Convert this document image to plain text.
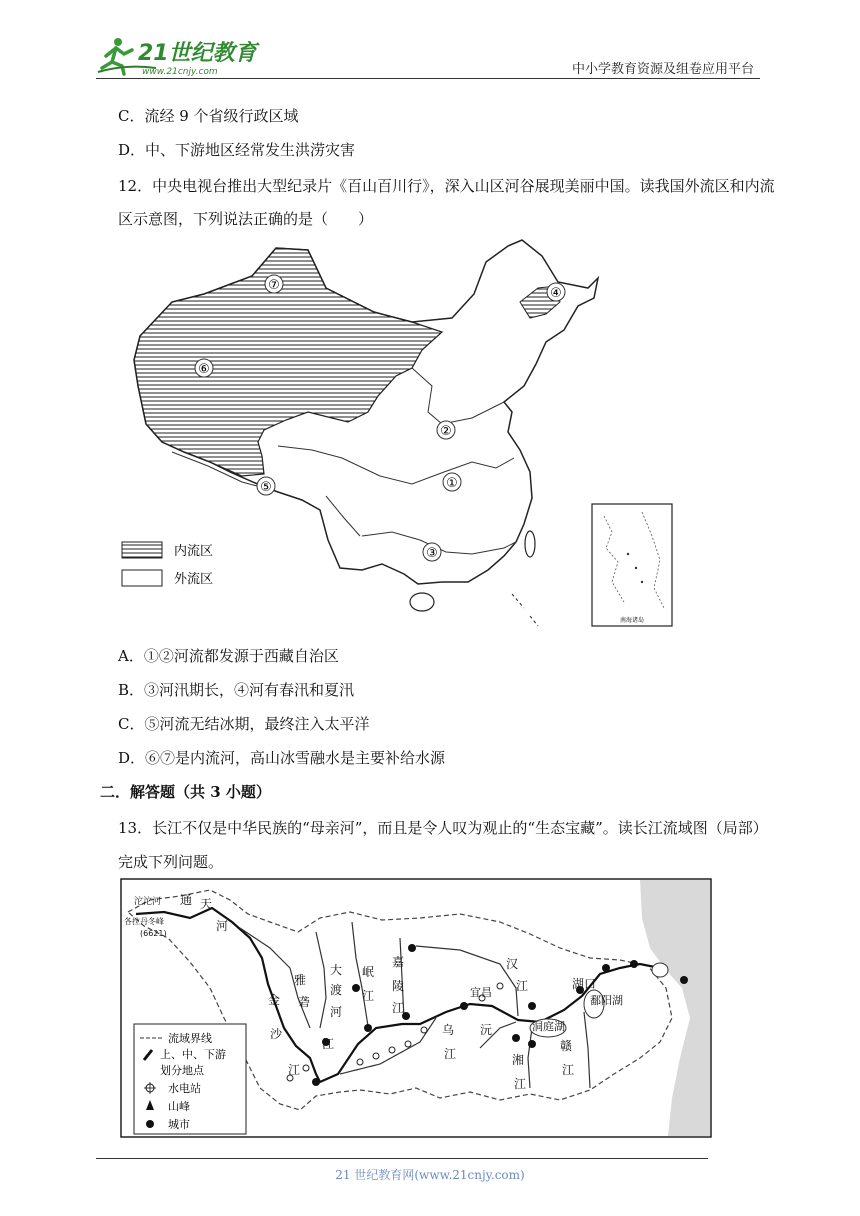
21世纪教育
www.21cnjy.com	中小学教育资源及组卷应用平台
C．流经 9 个省级行政区域
D．中、下游地区经常发生洪涝灾害
12．中央电视台推出大型纪录片《百山百川行》，深入山区河谷展现美丽中国。读我国外流区和内流
区示意图，下列说法正确的是（　　）
①
②
③
④
⑤
⑥
⑦
内流区
外流区
南海诸岛
A．①②河流都发源于西藏自治区
B．③河汛期长，④河有春汛和夏汛
C．⑤河流无结冰期，最终注入太平洋
D．⑥⑦是内流河，高山冰雪融水是主要补给水源
二．解答题（共 3 小题）
13．长江不仅是中华民族的“母亲河”，而且是令人叹为观止的“生态宝藏”。读长江流域图（局部）
完成下列问题。
沱沱河
各拉丹冬峰
(6621)
通 天
河
金
沙
江
雅
砻
江
大
渡
河
岷
江
嘉
陵
江
汉
江
乌
江
沅
湘
江
赣
江
宜昌
洞庭湖
湖口
鄱阳湖
流域界线
上、中、下游
划分地点
水电站
山峰
城市
21 世纪教育网(www.21cnjy.com)
